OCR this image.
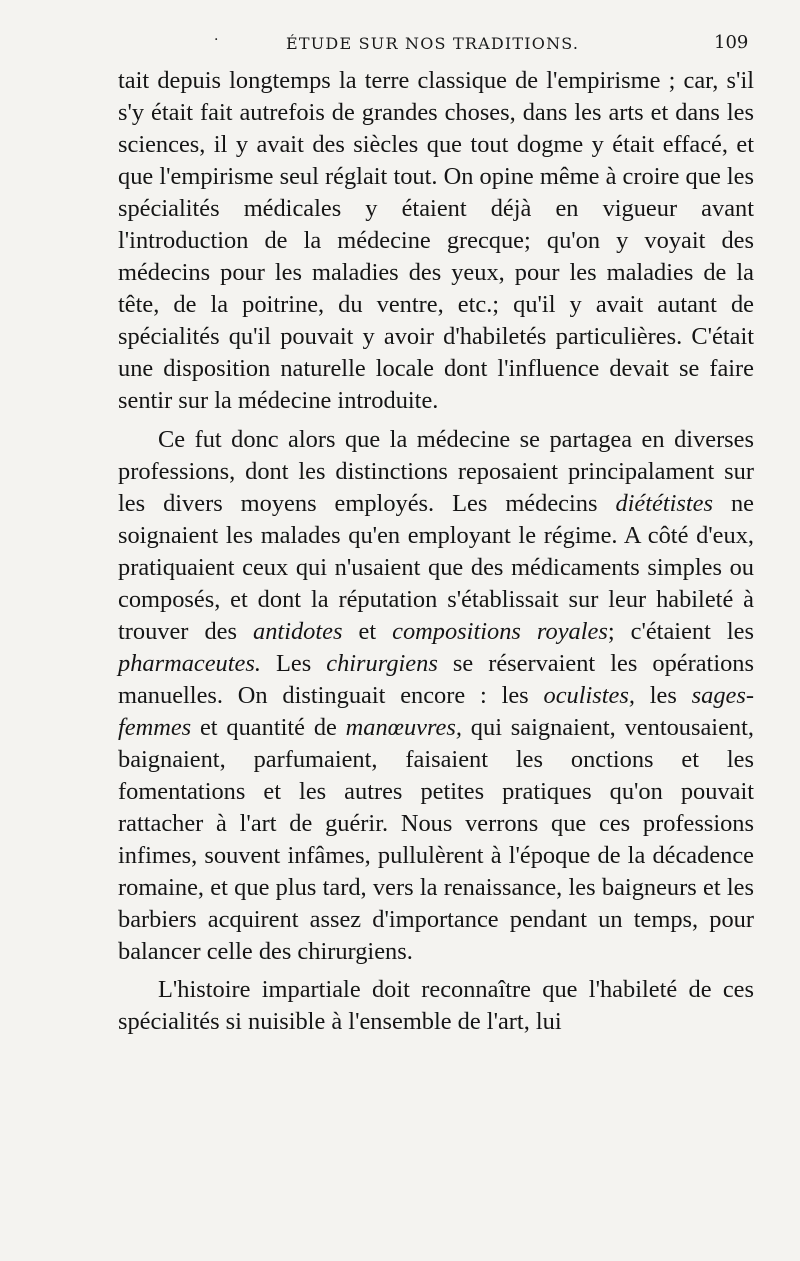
·	ÉTUDE SUR NOS TRADITIONS.	109

tait depuis longtemps la terre classique de l'empirisme ; car, s'il s'y était fait autrefois de grandes choses, dans les arts et dans les sciences, il y avait des siècles que tout dogme y était effacé, et que l'empirisme seul réglait tout. On opine même à croire que les spécialités médicales y étaient déjà en vigueur avant l'introduction de la médecine grecque; qu'on y voyait des médecins pour les maladies des yeux, pour les maladies de la tête, de la poitrine, du ventre, etc.; qu'il y avait autant de spécialités qu'il pouvait y avoir d'habiletés particulières. C'était une disposition naturelle locale dont l'influence devait se faire sentir sur la médecine introduite.

Ce fut donc alors que la médecine se partagea en diverses professions, dont les distinctions reposaient principalament sur les divers moyens employés. Les médecins diététistes ne soignaient les malades qu'en employant le régime. A côté d'eux, pratiquaient ceux qui n'usaient que des médicaments simples ou composés, et dont la réputation s'établissait sur leur habileté à trouver des antidotes et compositions royales; c'étaient les pharmaceutes. Les chirurgiens se réservaient les opérations manuelles. On distinguait encore : les oculistes, les sages-femmes et quantité de manœuvres, qui saignaient, ventousaient, baignaient, parfumaient, faisaient les onctions et les fomentations et les autres petites pratiques qu'on pouvait rattacher à l'art de guérir. Nous verrons que ces professions infimes, souvent infâmes, pullulèrent à l'époque de la décadence romaine, et que plus tard, vers la renaissance, les baigneurs et les barbiers acquirent assez d'importance pendant un temps, pour balancer celle des chirurgiens.

L'histoire impartiale doit reconnaître que l'habileté de ces spécialités si nuisible à l'ensemble de l'art, lui
